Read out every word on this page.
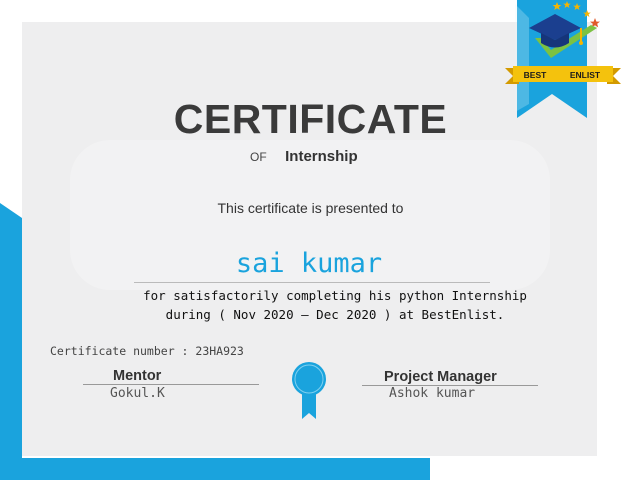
CERTIFICATE
OF Internship
This certificate is presented to
sai kumar
for satisfactorily completing his python Internship
during ( Nov 2020 — Dec 2020 ) at BestEnlist.
Certificate number : 23HA923
Mentor
Gokul.K
Project Manager
Ashok kumar
BEST	ENLIST
